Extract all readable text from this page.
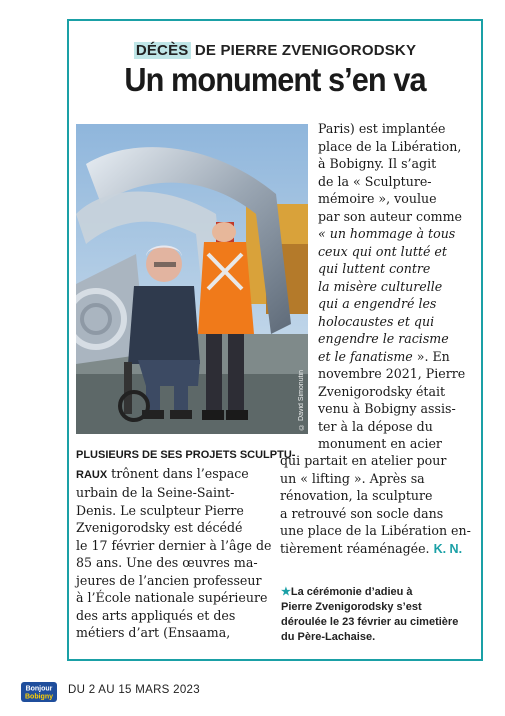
DÉCÈS DE PIERRE ZVENIGORODSKY
Un monument s’en va
© David Simonutin
PLUSIEURS DE SES PROJETS SCULPTU-
RAUX trônent dans l’espace
urbain de la Seine-Saint-
Denis. Le sculpteur Pierre
Zvenigorodsky est décédé
le 17 février dernier à l’âge de
85 ans. Une des œuvres ma-
jeures de l’ancien professeur
à l’École nationale supérieure
des arts appliqués et des
métiers d’art (Ensaama,
Paris) est implantée
place de la Libération,
à Bobigny. Il s’agit
de la « Sculpture-
mémoire », voulue
par son auteur comme
« un hommage à tous
ceux qui ont lutté et
qui luttent contre
la misère culturelle
qui a engendré les
holocaustes et qui
engendre le racisme
et le fanatisme ». En
novembre 2021, Pierre
Zvenigorodsky était
venu à Bobigny assis-
ter à la dépose du
monument en acier
qui partait en atelier pour
un « lifting ». Après sa
rénovation, la sculpture
a retrouvé son socle dans
une place de la Libération en-
tièrement réaménagée. K. N.
★La cérémonie d’adieu à
Pierre Zvenigorodsky s’est
déroulée le 23 février au cimetière
du Père-Lachaise.
Bonjour
Bobigny
DU 2 AU 15 MARS 2023
